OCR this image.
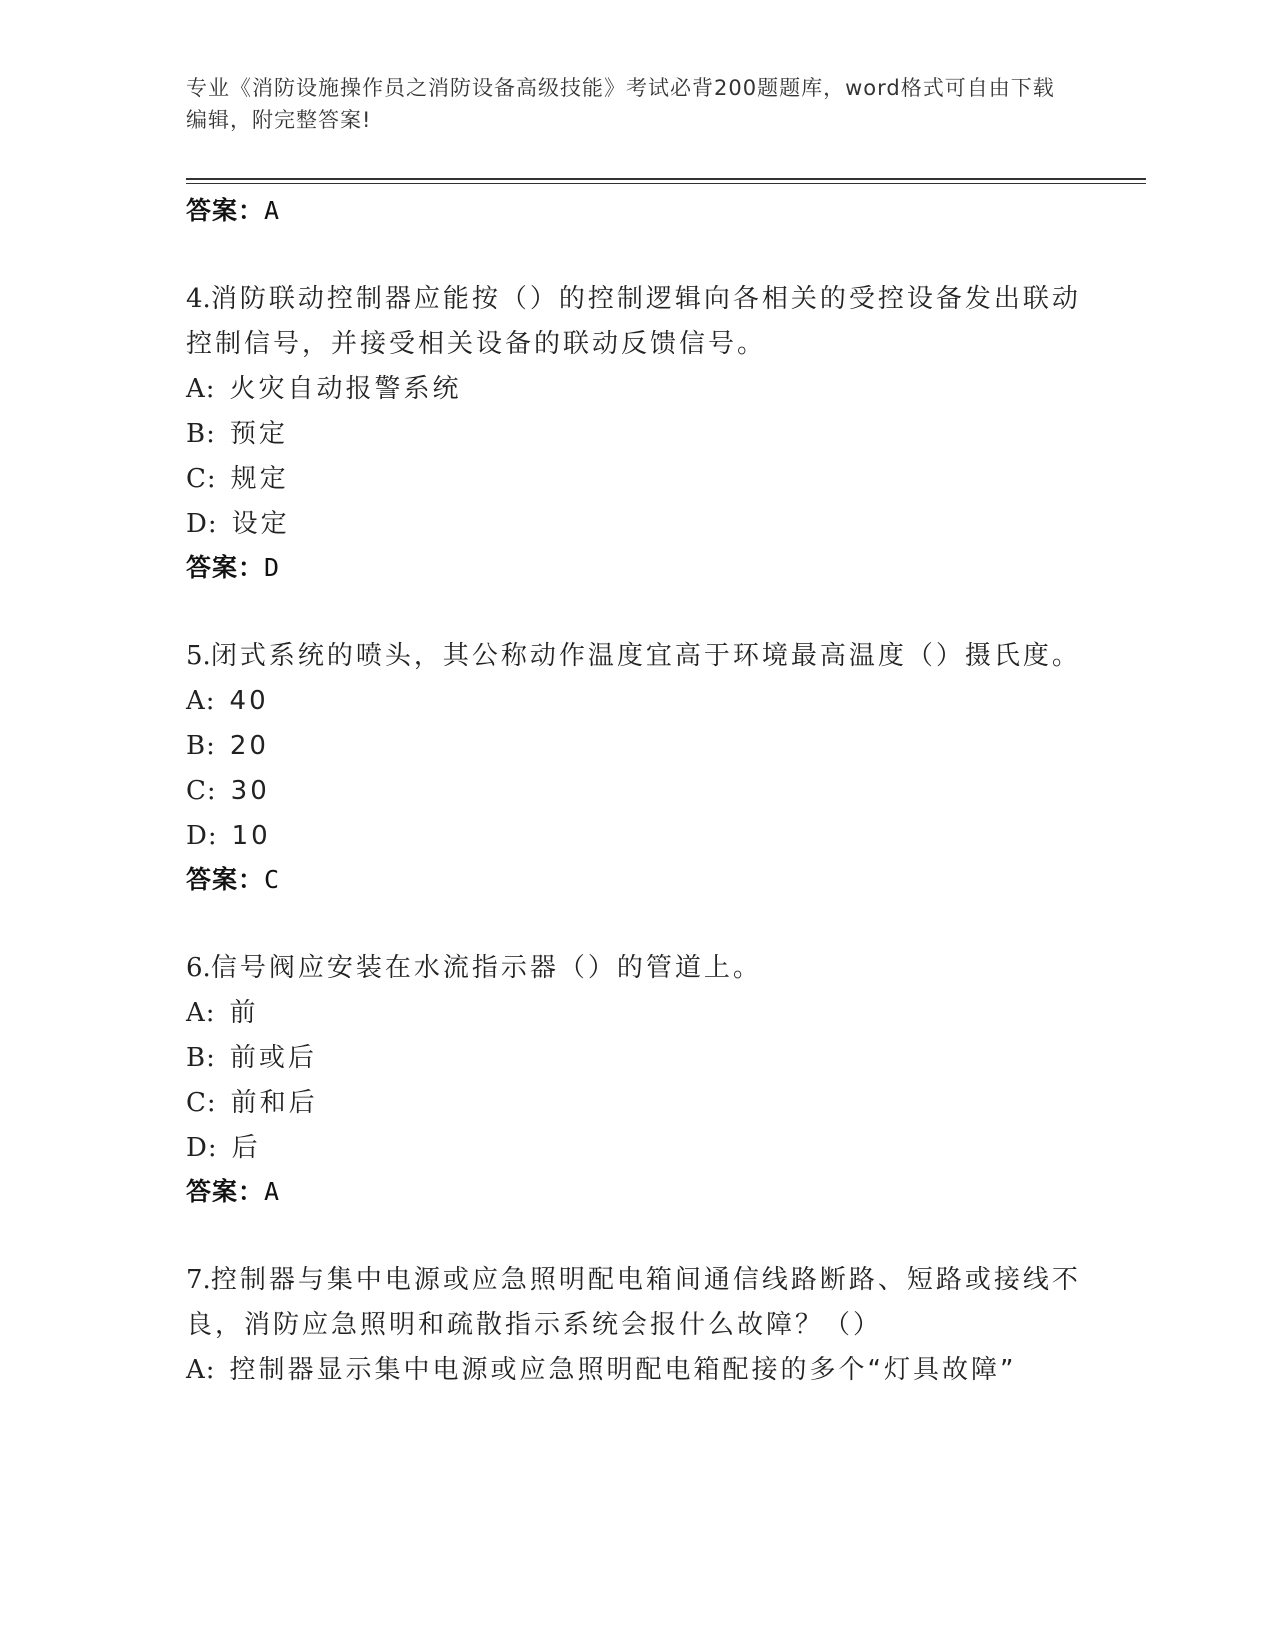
专业《消防设施操作员之消防设备高级技能》考试必背200题题库，word格式可自由下载编辑，附完整答案!
答案：A
4.消防联动控制器应能按（）的控制逻辑向各相关的受控设备发出联动控制信号，并接受相关设备的联动反馈信号。
A: 火灾自动报警系统
B: 预定
C: 规定
D: 设定
答案：D
5.闭式系统的喷头，其公称动作温度宜高于环境最高温度（）摄氏度。
A: 40
B: 20
C: 30
D: 10
答案：C
6.信号阀应安装在水流指示器（）的管道上。
A: 前
B: 前或后
C: 前和后
D: 后
答案：A
7.控制器与集中电源或应急照明配电箱间通信线路断路、短路或接线不良，消防应急照明和疏散指示系统会报什么故障？（）
A: 控制器显示集中电源或应急照明配电箱配接的多个“灯具故障”
